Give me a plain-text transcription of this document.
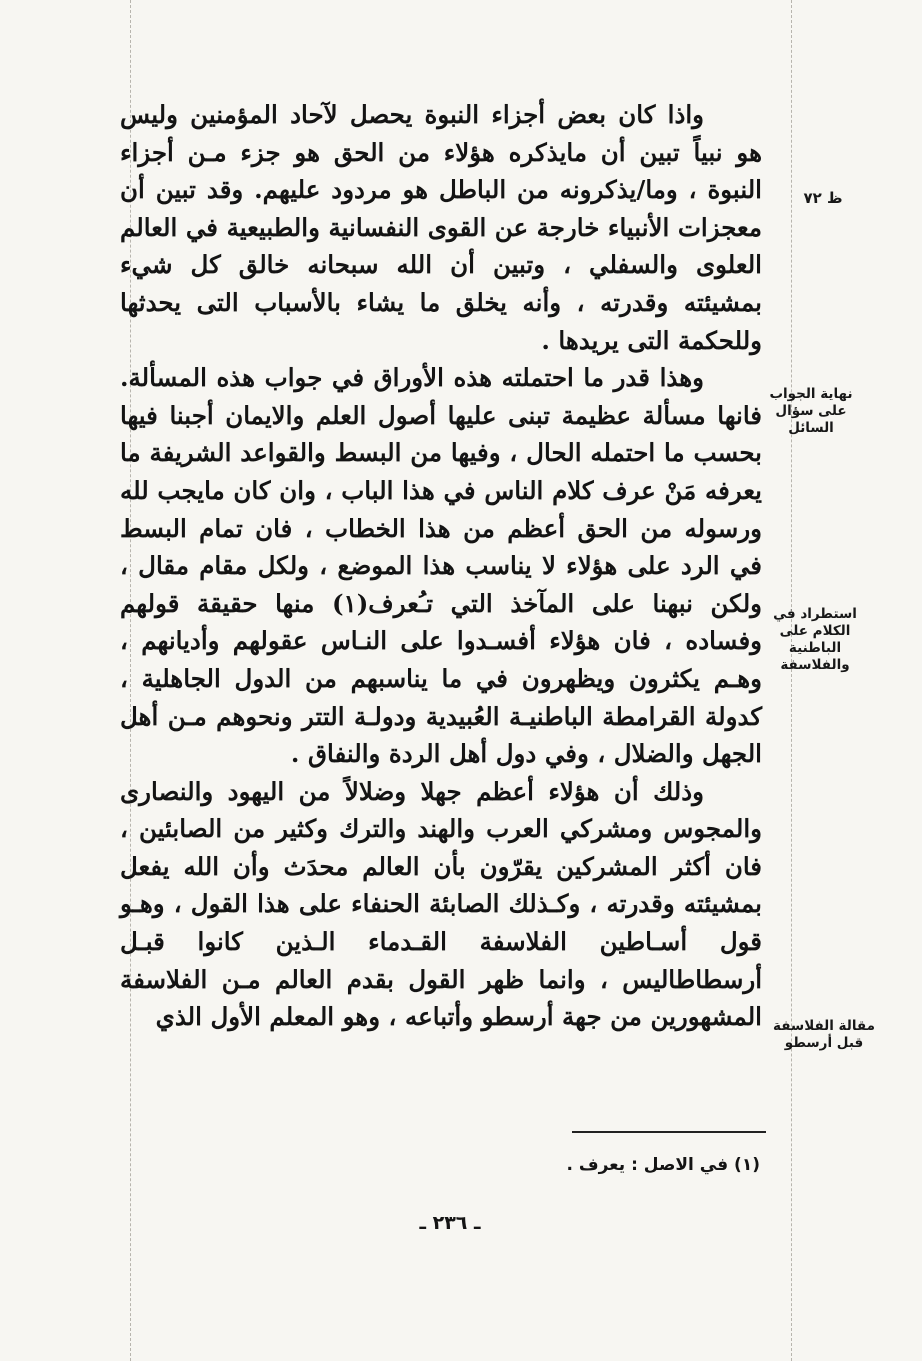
واذا كان بعض أجزاء النبوة يحصل لآحاد المؤمنين وليس هو نبياً تبين أن مايذكره هؤلاء من الحق هو جزء مـن أجزاء النبوة ، وما/يذكرونه من الباطل هو مردود عليهم. وقد تبين أن معجزات الأنبياء خارجة عن القوى النفسانية والطبيعية في العالم العلوى والسفلي ، وتبين أن الله سبحانه خالق كل شيء بمشيئته وقدرته ، وأنه يخلق ما يشاء بالأسباب التى يحدثها وللحكمة التى يريدها .

وهذا قدر ما احتملته هذه الأوراق في جواب هذه المسألة. فانها مسألة عظيمة تبنى عليها أصول العلم والايمان أجبنا فيها بحسب ما احتمله الحال ، وفيها من البسط والقواعد الشريفة ما يعرفه مَنْ عرف كلام الناس في هذا الباب ، وان كان مايجب لله ورسوله من الحق أعظم من هذا الخطاب ، فان تمام البسط في الرد على هؤلاء لا يناسب هذا الموضع ، ولكل مقام مقال ، ولكن نبهنا على المآخذ التي تـُعرف(١) منها حقيقة قولهم وفساده ، فان هؤلاء أفسـدوا على النـاس عقولهم وأديانهم ، وهـم يكثرون ويظهرون في ما يناسبهم من الدول الجاهلية ، كدولة القرامطة الباطنيـة العُبيدية ودولـة التتر ونحوهم مـن أهل الجهل والضلال ، وفي دول أهل الردة والنفاق .

وذلك أن هؤلاء أعظم جهلا وضلالاً من اليهود والنصارى والمجوس ومشركي العرب والهند والترك وكثير من الصابئين ، فان أكثر المشركين يقرّون بأن العالم محدَث وأن الله يفعل بمشيئته وقدرته ، وكـذلك الصابئة الحنفاء على هذا القول ، وهـو قول أسـاطين الفلاسفة القـدماء الـذين كانوا قبـل أرسطاطاليس ، وانما ظهر القول بقدم العالم مـن الفلاسفة المشهورين من جهة أرسطو وأتباعه ، وهو المعلم الأول الذي

ظ ٧٢
نهاية الجواب على سؤال السائل
استطراد في الكلام على الباطنية والفلاسفة
مقالة الفلاسفة قبل أرسطو
(١) في الاصل : يعرف .
ـ ٢٣٦ ـ
